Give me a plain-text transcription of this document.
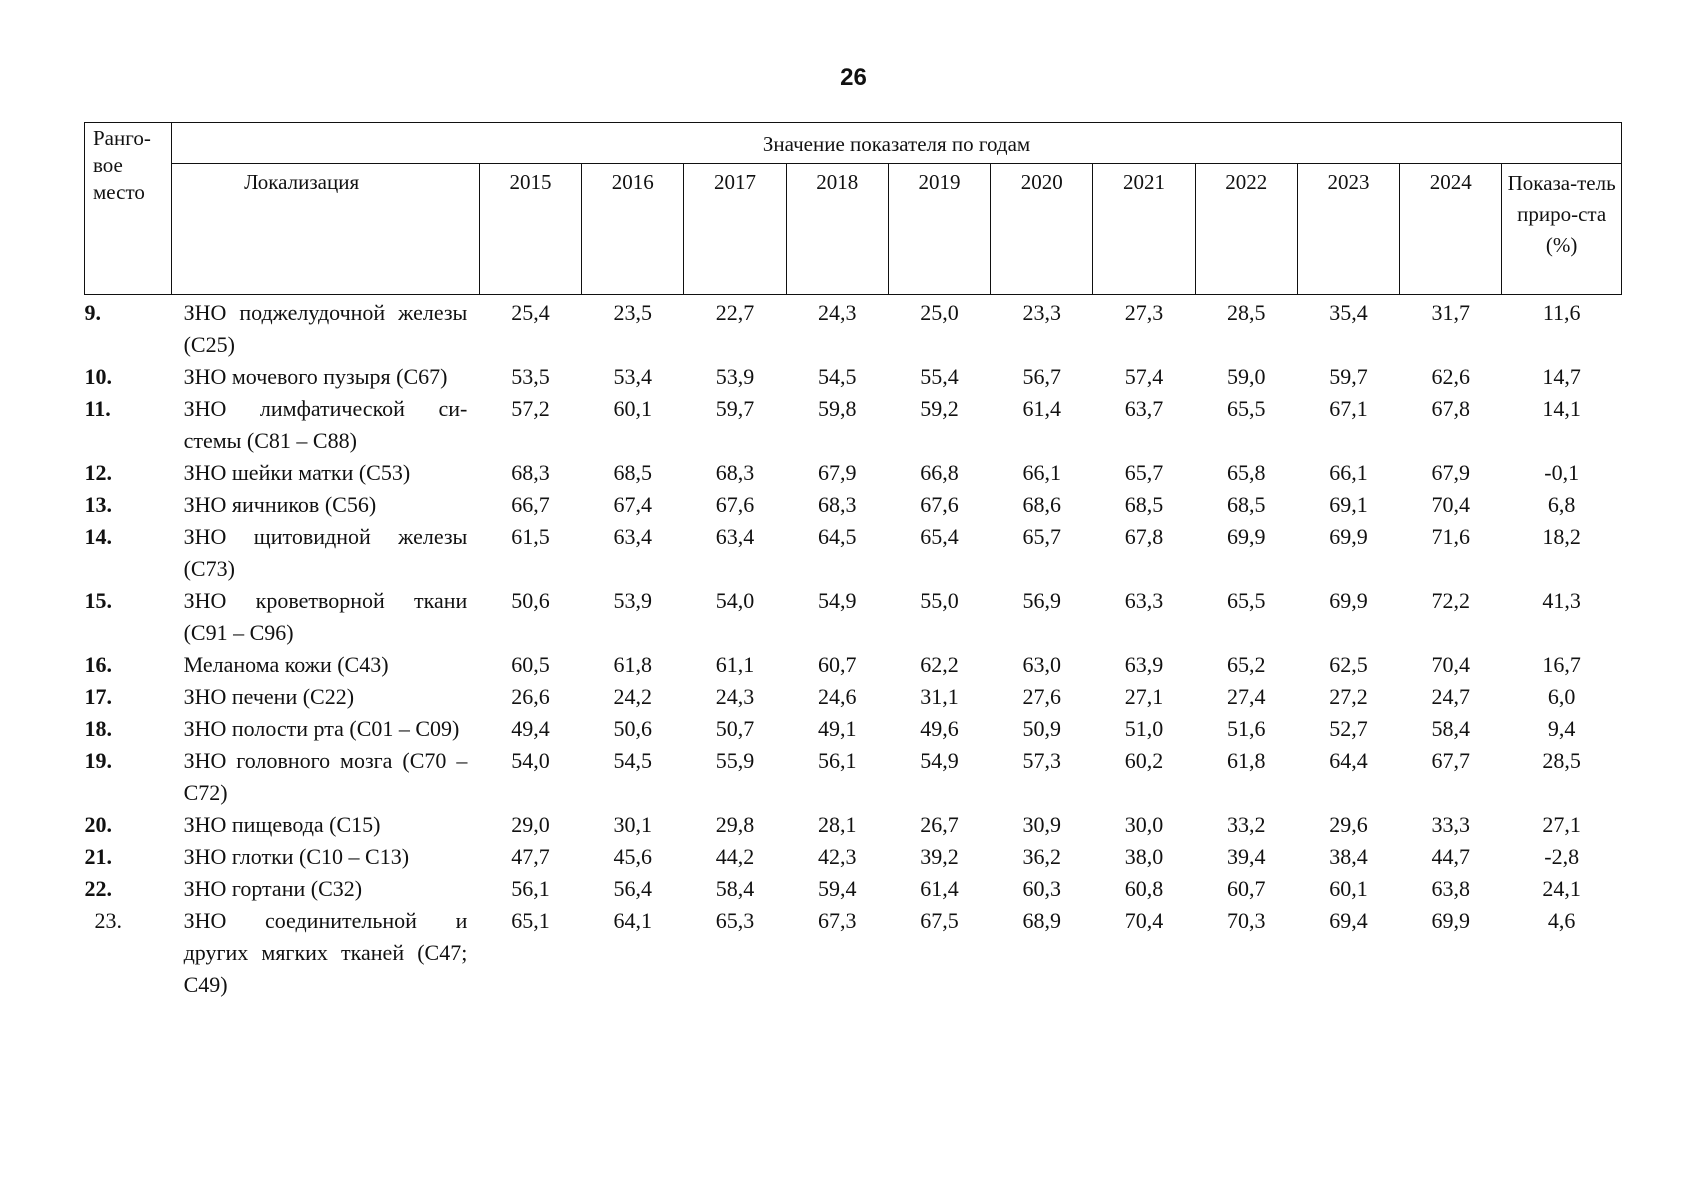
26
Ранго-вое место	Значение показателя по годам											
	Локализация	2015	2016	2017	2018	2019	2020	2021	2022	2023	2024	Показа-тель приро-ста (%)
9.	ЗНО поджелудочной железы (С25)	25,4	23,5	22,7	24,3	25,0	23,3	27,3	28,5	35,4	31,7	11,6
10.	ЗНО мочевого пузыря (С67)	53,5	53,4	53,9	54,5	55,4	56,7	57,4	59,0	59,7	62,6	14,7
11.	ЗНО лимфатической си-стемы (С81 – С88)	57,2	60,1	59,7	59,8	59,2	61,4	63,7	65,5	67,1	67,8	14,1
12.	ЗНО шейки матки (С53)	68,3	68,5	68,3	67,9	66,8	66,1	65,7	65,8	66,1	67,9	-0,1
13.	ЗНО яичников (С56)	66,7	67,4	67,6	68,3	67,6	68,6	68,5	68,5	69,1	70,4	6,8
14.	ЗНО щитовидной железы (С73)	61,5	63,4	63,4	64,5	65,4	65,7	67,8	69,9	69,9	71,6	18,2
15.	ЗНО кроветворной ткани (С91 – С96)	50,6	53,9	54,0	54,9	55,0	56,9	63,3	65,5	69,9	72,2	41,3
16.	Меланома кожи (С43)	60,5	61,8	61,1	60,7	62,2	63,0	63,9	65,2	62,5	70,4	16,7
17.	ЗНО печени (С22)	26,6	24,2	24,3	24,6	31,1	27,6	27,1	27,4	27,2	24,7	6,0
18.	ЗНО полости рта (С01 – С09)	49,4	50,6	50,7	49,1	49,6	50,9	51,0	51,6	52,7	58,4	9,4
19.	ЗНО головного мозга (С70 – С72)	54,0	54,5	55,9	56,1	54,9	57,3	60,2	61,8	64,4	67,7	28,5
20.	ЗНО пищевода (С15)	29,0	30,1	29,8	28,1	26,7	30,9	30,0	33,2	29,6	33,3	27,1
21.	ЗНО глотки (С10 – С13)	47,7	45,6	44,2	42,3	39,2	36,2	38,0	39,4	38,4	44,7	-2,8
22.	ЗНО гортани (С32)	56,1	56,4	58,4	59,4	61,4	60,3	60,8	60,7	60,1	63,8	24,1
23.	ЗНО соединительной и других мягких тканей (С47; С49)	65,1	64,1	65,3	67,3	67,5	68,9	70,4	70,3	69,4	69,9	4,6
